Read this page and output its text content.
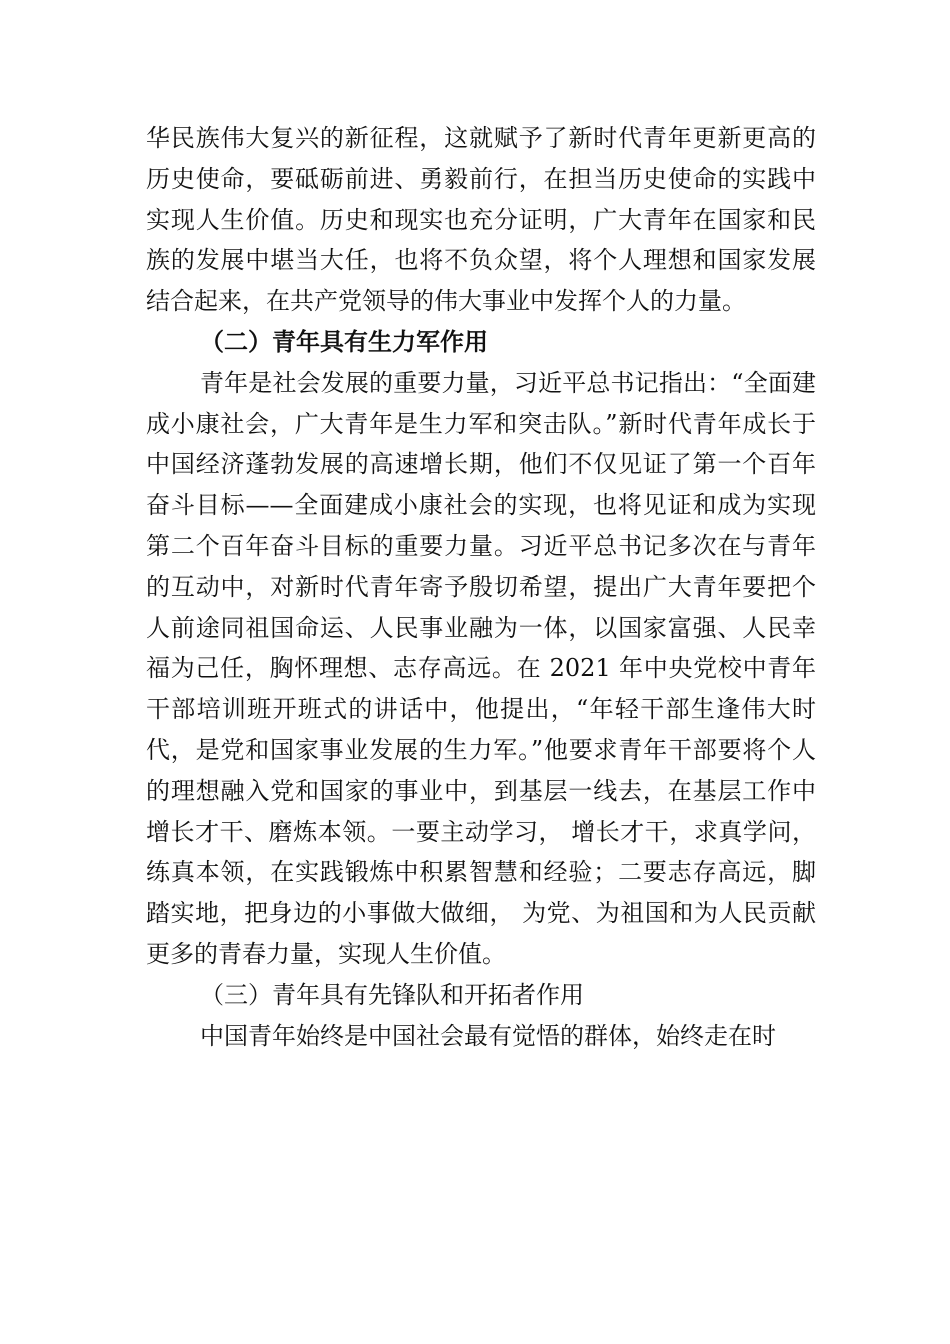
华民族伟大复兴的新征程，这就赋予了新时代青年更新更高的历史使命，要砥砺前进、勇毅前行，在担当历史使命的实践中实现人生价值。历史和现实也充分证明，广大青年在国家和民族的发展中堪当大任，也将不负众望，将个人理想和国家发展结合起来，在共产党领导的伟大事业中发挥个人的力量。

（二）青年具有生力军作用

青年是社会发展的重要力量，习近平总书记指出：“全面建成小康社会，广大青年是生力军和突击队。”新时代青年成长于中国经济蓬勃发展的高速增长期，他们不仅见证了第一个百年奋斗目标——全面建成小康社会的实现，也将见证和成为实现第二个百年奋斗目标的重要力量。习近平总书记多次在与青年的互动中，对新时代青年寄予殷切希望，提出广大青年要把个人前途同祖国命运、人民事业融为一体，以国家富强、人民幸福为己任，胸怀理想、志存高远。在 2021 年中央党校中青年干部培训班开班式的讲话中，他提出，“年轻干部生逢伟大时代，是党和国家事业发展的生力军。”他要求青年干部要将个人的理想融入党和国家的事业中，到基层一线去，在基层工作中增长才干、磨炼本领。一要主动学习， 增长才干，求真学问，练真本领，在实践锻炼中积累智慧和经验；二要志存高远，脚踏实地，把身边的小事做大做细， 为党、为祖国和为人民贡献更多的青春力量，实现人生价值。

（三）青年具有先锋队和开拓者作用

中国青年始终是中国社会最有觉悟的群体，始终走在时
